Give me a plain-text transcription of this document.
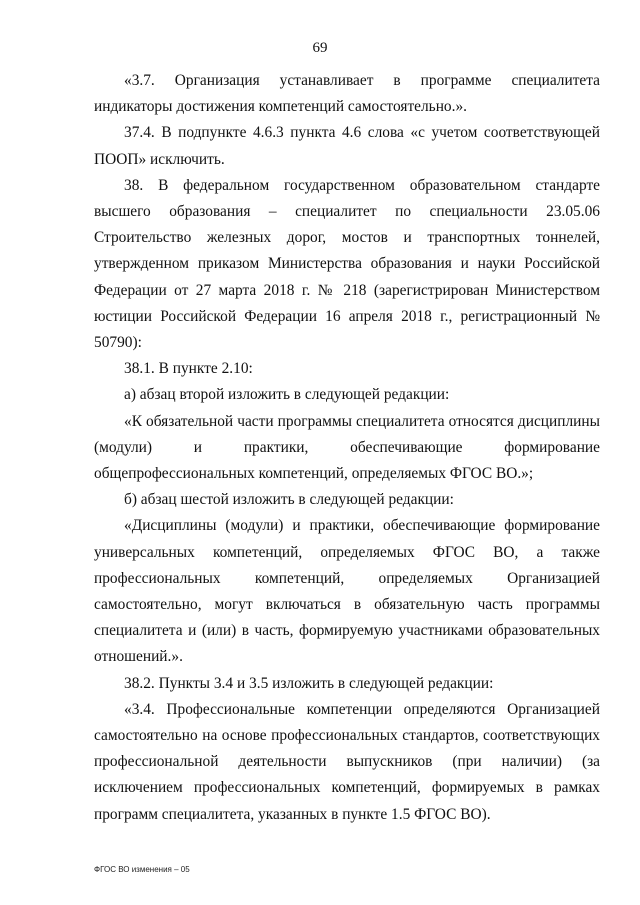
69

«3.7. Организация устанавливает в программе специалитета индикаторы достижения компетенций самостоятельно.».

37.4. В подпункте 4.6.3 пункта 4.6 слова «с учетом соответствующей ПООП» исключить.

38. В федеральном государственном образовательном стандарте высшего образования – специалитет по специальности 23.05.06 Строительство железных дорог, мостов и транспортных тоннелей, утвержденном приказом Министерства образования и науки Российской Федерации от 27 марта 2018 г. № 218 (зарегистрирован Министерством юстиции Российской Федерации 16 апреля 2018 г., регистрационный № 50790):

38.1. В пункте 2.10:

а) абзац второй изложить в следующей редакции:

«К обязательной части программы специалитета относятся дисциплины (модули) и практики, обеспечивающие формирование общепрофессиональных компетенций, определяемых ФГОС ВО.»;

б) абзац шестой изложить в следующей редакции:

«Дисциплины (модули) и практики, обеспечивающие формирование универсальных компетенций, определяемых ФГОС ВО, а также профессиональных компетенций, определяемых Организацией самостоятельно, могут включаться в обязательную часть программы специалитета и (или) в часть, формируемую участниками образовательных отношений.».

38.2. Пункты 3.4 и 3.5 изложить в следующей редакции:

«3.4. Профессиональные компетенции определяются Организацией самостоятельно на основе профессиональных стандартов, соответствующих профессиональной деятельности выпускников (при наличии) (за исключением профессиональных компетенций, формируемых в рамках программ специалитета, указанных в пункте 1.5 ФГОС ВО).

ФГОС ВО изменения – 05
